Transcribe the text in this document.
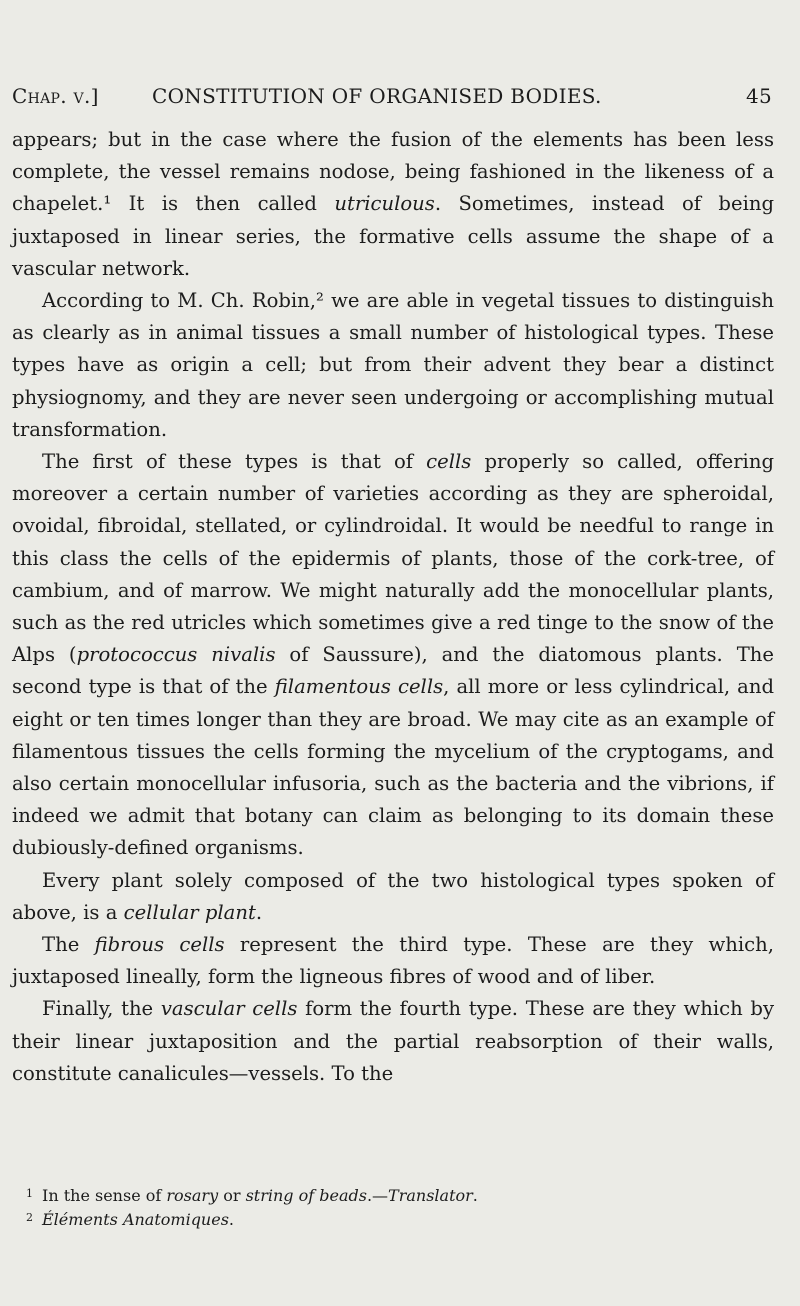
Chap. v.]	CONSTITUTION OF ORGANISED BODIES.	45

appears; but in the case where the fusion of the elements has been less complete, the vessel remains nodose, being fashioned in the likeness of a chapelet.¹ It is then called utriculous. Sometimes, instead of being juxtaposed in linear series, the formative cells assume the shape of a vascular network.

According to M. Ch. Robin,² we are able in vegetal tissues to distinguish as clearly as in animal tissues a small number of histological types. These types have as origin a cell; but from their advent they bear a distinct physiognomy, and they are never seen undergoing or accomplishing mutual transformation.

The first of these types is that of cells properly so called, offering moreover a certain number of varieties according as they are spheroidal, ovoidal, fibroidal, stellated, or cylindroidal. It would be needful to range in this class the cells of the epidermis of plants, those of the cork-tree, of cambium, and of marrow. We might naturally add the monocellular plants, such as the red utricles which sometimes give a red tinge to the snow of the Alps (protococcus nivalis of Saussure), and the diatomous plants. The second type is that of the filamentous cells, all more or less cylindrical, and eight or ten times longer than they are broad. We may cite as an example of filamentous tissues the cells forming the mycelium of the cryptogams, and also certain monocellular infusoria, such as the bacteria and the vibrions, if indeed we admit that botany can claim as belonging to its domain these dubiously-defined organisms.

Every plant solely composed of the two histological types spoken of above, is a cellular plant.

The fibrous cells represent the third type. These are they which, juxtaposed lineally, form the ligneous fibres of wood and of liber.

Finally, the vascular cells form the fourth type. These are they which by their linear juxtaposition and the partial reabsorption of their walls, constitute canalicules—vessels. To the

1 In the sense of rosary or string of beads.—Translator.

2 Éléments Anatomiques.
